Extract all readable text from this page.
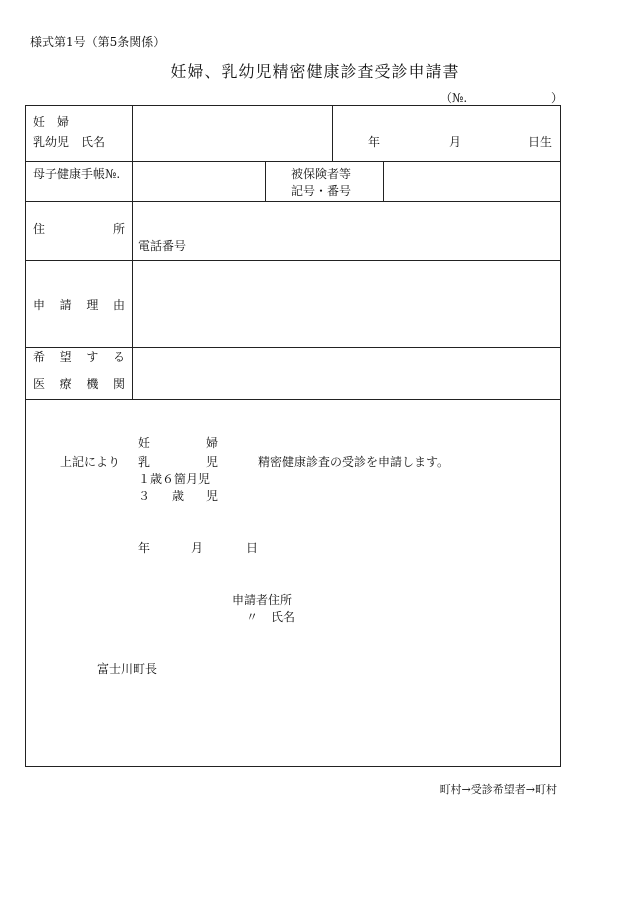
様式第1号（第5条関係）
妊婦、乳幼児精密健康診査受診申請書
（№.	）
妊　婦
乳幼児　氏名	年	月	日生
母子健康手帳№.	被保険者等
記号・番号
住	所
電話番号
申 請 理 由
希 望 す る
医 療 機 関
上記により
妊	婦
乳	児
１歳６箇月児
３ 歳 児
精密健康診査の受診を申請します。
年	月	日
申請者住所
〃 氏名
富士川町長
町村→受診希望者→町村
